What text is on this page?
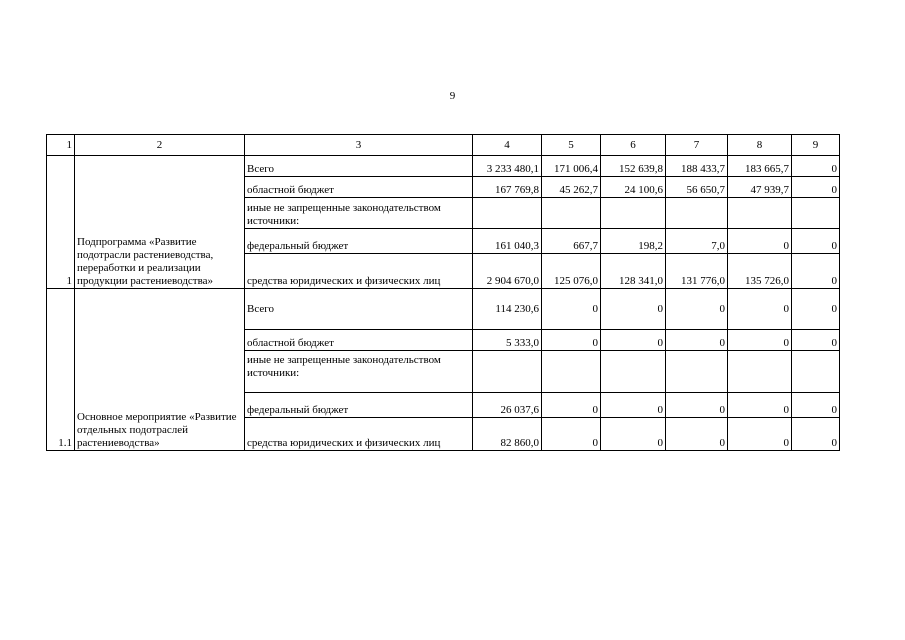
9
1	2	3	4	5	6	7	8	9
1	Подпрограмма «Развитие подотрасли растениеводства, переработки и реализации продукции растениеводства»	Всего	3 233 480,1	171 006,4	152 639,8	188 433,7	183 665,7	0
		областной бюджет	167 769,8	45 262,7	24 100,6	56 650,7	47 939,7	0
		иные не запрещенные законодательством источники:						
		федеральный бюджет	161 040,3	667,7	198,2	7,0	0	0
		средства юридических и физических лиц	2 904 670,0	125 076,0	128 341,0	131 776,0	135 726,0	0
1.1	Основное мероприятие «Развитие отдельных подотраслей растениеводства»	Всего	114 230,6	0	0	0	0	0
		областной бюджет	5 333,0	0	0	0	0	0
		иные не запрещенные законодательством источники:						
		федеральный бюджет	26 037,6	0	0	0	0	0
		средства юридических и физических лиц	82 860,0	0	0	0	0	0
